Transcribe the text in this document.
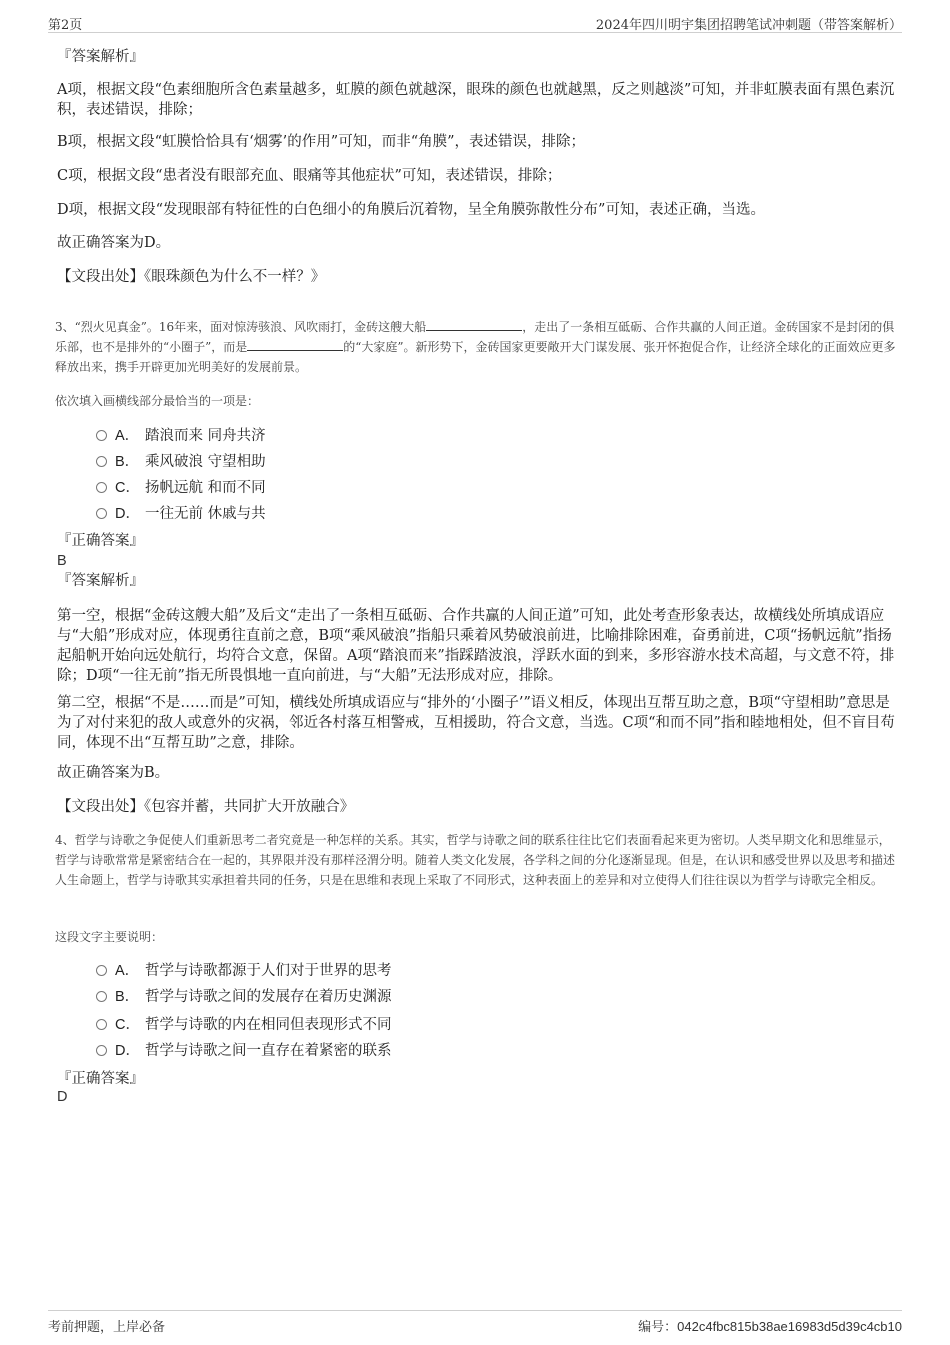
第2页	2024年四川明宇集团招聘笔试冲刺题（带答案解析）
『答案解析』
A项，根据文段“色素细胞所含色素量越多，虹膜的颜色就越深，眼珠的颜色也就越黑，反之则越淡”可知，并非虹膜表面有黑色素沉积，表述错误，排除；
B项，根据文段“虹膜恰恰具有‘烟雾’的作用”可知，而非“角膜”，表述错误，排除；
C项，根据文段“患者没有眼部充血、眼痛等其他症状”可知，表述错误，排除；
D项，根据文段“发现眼部有特征性的白色细小的角膜后沉着物，呈全角膜弥散性分布”可知，表述正确，当选。
故正确答案为D。
【文段出处】《眼珠颜色为什么不一样？》
3、“烈火见真金”。16年来，面对惊涛骇浪、风吹雨打，金砖这艘大船	，走出了一条相互砥砺、合作共赢的人间正道。金砖国家不是封闭的俱乐部，也不是排外的“小圈子”，而是	的“大家庭”。新形势下，金砖国家更要敞开大门谋发展、张开怀抱促合作，让经济全球化的正面效应更多释放出来，携手开辟更加光明美好的发展前景。
依次填入画横线部分最恰当的一项是：
A． 踏浪而来 同舟共济
B． 乘风破浪 守望相助
C． 扬帆远航 和而不同
D． 一往无前 休戚与共
『正确答案』
B
『答案解析』
第一空，根据“金砖这艘大船”及后文“走出了一条相互砥砺、合作共赢的人间正道”可知，此处考查形象表达，故横线处所填成语应与“大船”形成对应，体现勇往直前之意，B项“乘风破浪”指船只乘着风势破浪前进，比喻排除困难，奋勇前进，C项“扬帆远航”指扬起船帆开始向远处航行，均符合文意，保留。A项“踏浪而来”指踩踏波浪，浮跃水面的到来，多形容游水技术高超，与文意不符，排除；D项“一往无前”指无所畏惧地一直向前进，与“大船”无法形成对应，排除。
第二空，根据“不是……而是”可知，横线处所填成语应与“排外的‘小圈子’”语义相反，体现出互帮互助之意，B项“守望相助”意思是为了对付来犯的敌人或意外的灾祸，邻近各村落互相警戒，互相援助，符合文意，当选。C项“和而不同”指和睦地相处，但不盲目苟同，体现不出“互帮互助”之意，排除。
故正确答案为B。
【文段出处】《包容并蓄，共同扩大开放融合》
4、哲学与诗歌之争促使人们重新思考二者究竟是一种怎样的关系。其实，哲学与诗歌之间的联系往往比它们表面看起来更为密切。人类早期文化和思维显示，哲学与诗歌常常是紧密结合在一起的，其界限并没有那样泾渭分明。随着人类文化发展，各学科之间的分化逐渐显现。但是，在认识和感受世界以及思考和描述人生命题上，哲学与诗歌其实承担着共同的任务，只是在思维和表现上采取了不同形式，这种表面上的差异和对立使得人们往往误以为哲学与诗歌完全相反。
这段文字主要说明：
A． 哲学与诗歌都源于人们对于世界的思考
B． 哲学与诗歌之间的发展存在着历史渊源
C． 哲学与诗歌的内在相同但表现形式不同
D． 哲学与诗歌之间一直存在着紧密的联系
『正确答案』
D
考前押题，上岸必备	编号：042c4fbc815b38ae16983d5d39c4cb10
